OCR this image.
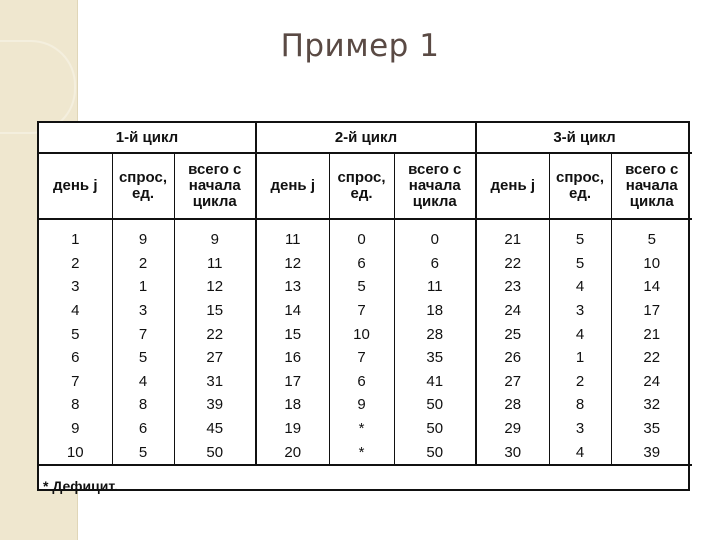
Пример 1
1-й цикл			2-й цикл			3-й цикл		
день j	спрос, ед.	всего с начала цикла	день j	спрос, ед.	всего с начала цикла	день j	спрос, ед.	всего с начала цикла
1	9	9	11	0	0	21	5	5
2	2	11	12	6	6	22	5	10
3	1	12	13	5	11	23	4	14
4	3	15	14	7	18	24	3	17
5	7	22	15	10	28	25	4	21
6	5	27	16	7	35	26	1	22
7	4	31	17	6	41	27	2	24
8	8	39	18	9	50	28	8	32
9	6	45	19	*	50	29	3	35
10	5	50	20	*	50	30	4	39
* Дефицит.								
